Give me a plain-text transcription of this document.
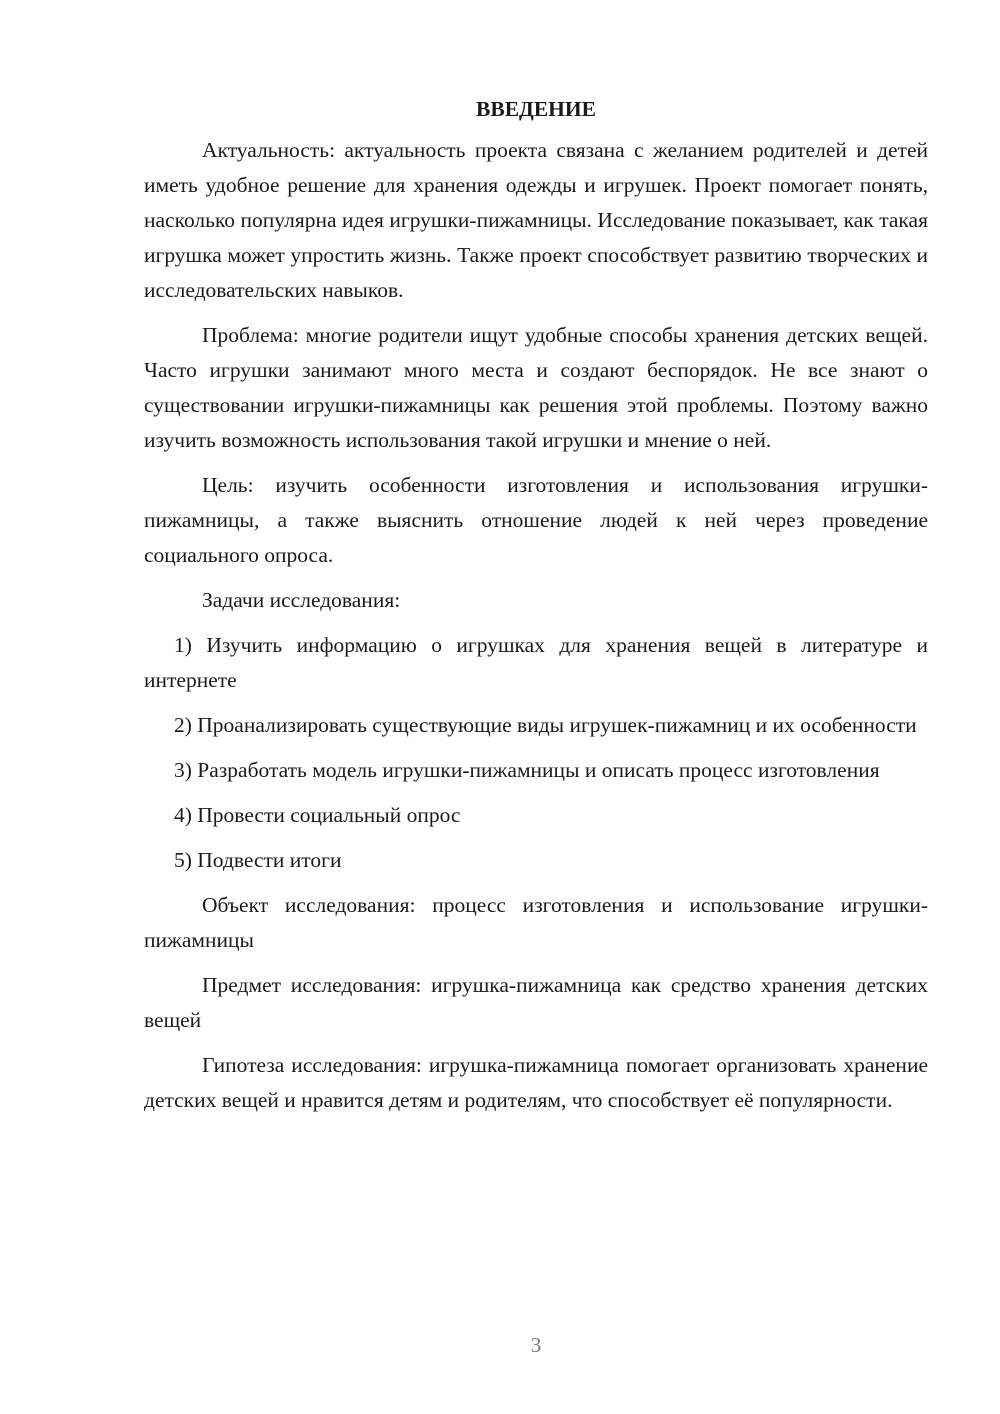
ВВЕДЕНИЕ

Актуальность: актуальность проекта связана с желанием родителей и детей иметь удобное решение для хранения одежды и игрушек. Проект помогает понять, насколько популярна идея игрушки-пижамницы. Исследование показывает, как такая игрушка может упростить жизнь. Также проект способствует развитию творческих и исследовательских навыков.

Проблема: многие родители ищут удобные способы хранения детских вещей. Часто игрушки занимают много места и создают беспорядок. Не все знают о существовании игрушки-пижамницы как решения этой проблемы. Поэтому важно изучить возможность использования такой игрушки и мнение о ней.

Цель: изучить особенности изготовления и использования игрушки-пижамницы, а также выяснить отношение людей к ней через проведение социального опроса.

Задачи исследования:

1) Изучить информацию о игрушках для хранения вещей в литературе и интернете

2) Проанализировать существующие виды игрушек-пижамниц и их особенности

3) Разработать модель игрушки-пижамницы и описать процесс изготовления

4) Провести социальный опрос

5) Подвести итоги

Объект исследования: процесс изготовления и использование игрушки-пижамницы

Предмет исследования: игрушка-пижамница как средство хранения детских вещей

Гипотеза исследования: игрушка-пижамница помогает организовать хранение детских вещей и нравится детям и родителям, что способствует её популярности.

3
